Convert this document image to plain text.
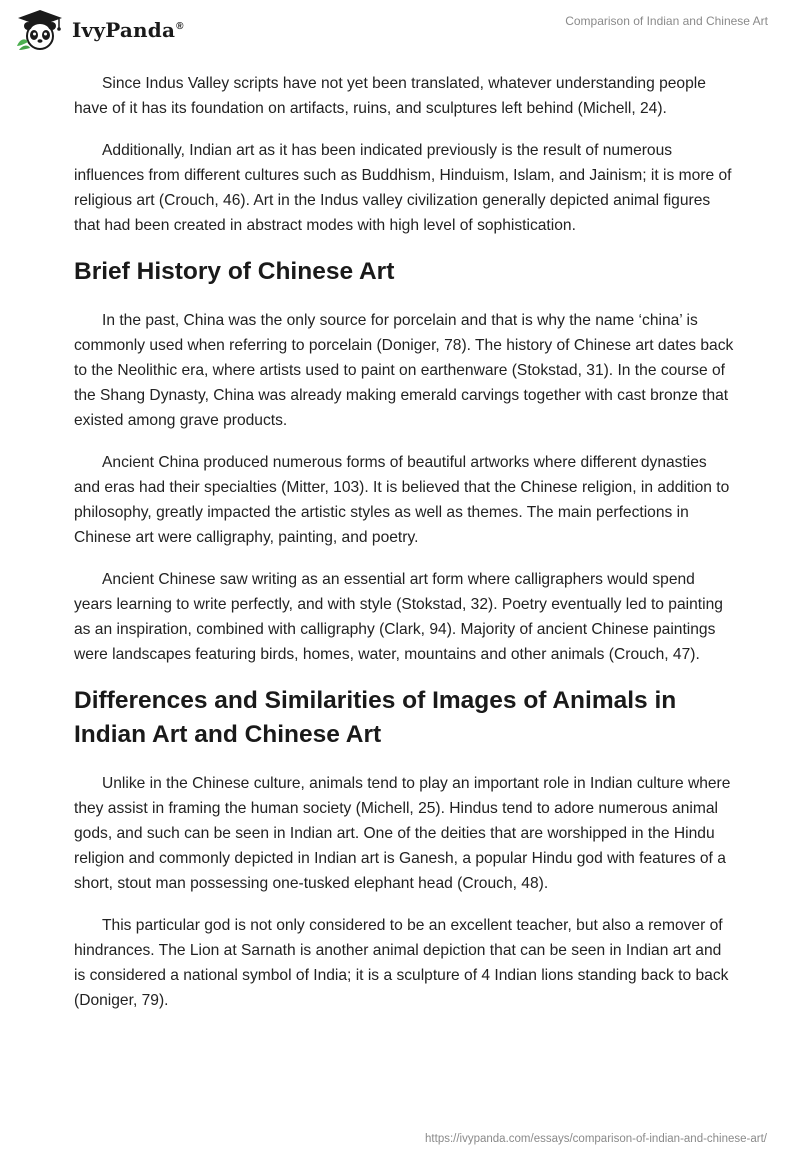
IvyPanda®	Comparison of Indian and Chinese Art

Since Indus Valley scripts have not yet been translated, whatever understanding people have of it has its foundation on artifacts, ruins, and sculptures left behind (Michell, 24).

Additionally, Indian art as it has been indicated previously is the result of numerous influences from different cultures such as Buddhism, Hinduism, Islam, and Jainism; it is more of religious art (Crouch, 46). Art in the Indus valley civilization generally depicted animal figures that had been created in abstract modes with high level of sophistication.

Brief History of Chinese Art

In the past, China was the only source for porcelain and that is why the name ‘china’ is commonly used when referring to porcelain (Doniger, 78). The history of Chinese art dates back to the Neolithic era, where artists used to paint on earthenware (Stokstad, 31). In the course of the Shang Dynasty, China was already making emerald carvings together with cast bronze that existed among grave products.

Ancient China produced numerous forms of beautiful artworks where different dynasties and eras had their specialties (Mitter, 103). It is believed that the Chinese religion, in addition to philosophy, greatly impacted the artistic styles as well as themes. The main perfections in Chinese art were calligraphy, painting, and poetry.

Ancient Chinese saw writing as an essential art form where calligraphers would spend years learning to write perfectly, and with style (Stokstad, 32). Poetry eventually led to painting as an inspiration, combined with calligraphy (Clark, 94). Majority of ancient Chinese paintings were landscapes featuring birds, homes, water, mountains and other animals (Crouch, 47).

Differences and Similarities of Images of Animals in Indian Art and Chinese Art

Unlike in the Chinese culture, animals tend to play an important role in Indian culture where they assist in framing the human society (Michell, 25). Hindus tend to adore numerous animal gods, and such can be seen in Indian art. One of the deities that are worshipped in the Hindu religion and commonly depicted in Indian art is Ganesh, a popular Hindu god with features of a short, stout man possessing one-tusked elephant head (Crouch, 48).

This particular god is not only considered to be an excellent teacher, but also a remover of hindrances. The Lion at Sarnath is another animal depiction that can be seen in Indian art and is considered a national symbol of India; it is a sculpture of 4 Indian lions standing back to back (Doniger, 79).

https://ivypanda.com/essays/comparison-of-indian-and-chinese-art/
